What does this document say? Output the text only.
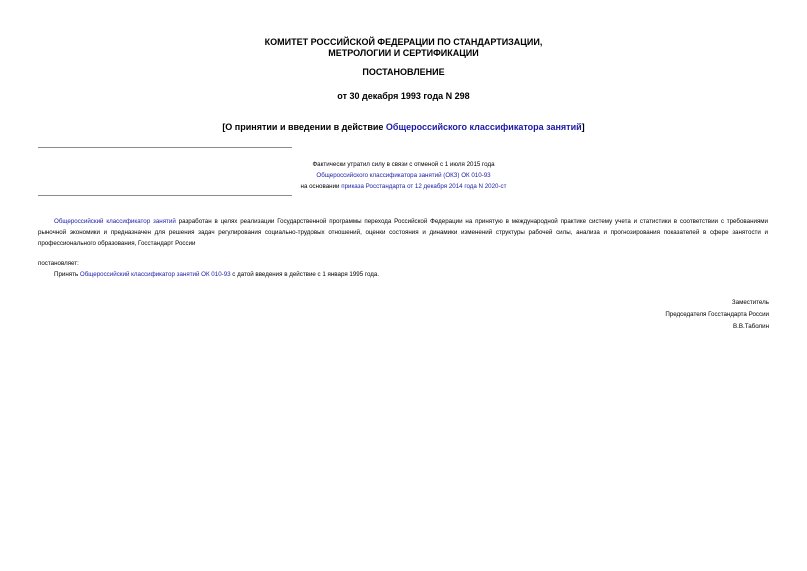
КОМИТЕТ РОССИЙСКОЙ ФЕДЕРАЦИИ ПО СТАНДАРТИЗАЦИИ,
МЕТРОЛОГИИ И СЕРТИФИКАЦИИ
ПОСТАНОВЛЕНИЕ
от 30 декабря 1993 года N 298
[О принятии и введении в действие Общероссийского классификатора занятий]
Фактически утратил силу в связи с отменой с 1 июля 2015 года
Общероссийского классификатора занятий (ОКЗ) ОК 010-93
на основании приказа Росстандарта от 12 декабря 2014 года N 2020-ст
Общероссийский классификатор занятий разработан в целях реализации Государственной программы перехода Российской Федерации на принятую в международной практике систему учета и статистики в соответствии с требованиями рыночной экономики и предназначен для решения задач регулирования социально-трудовых отношений, оценки состояния и динамики изменений структуры рабочей силы, анализа и прогнозирования показателей в сфере занятости и профессионального образования, Госстандарт России
постановляет:
Принять Общероссийский классификатор занятий ОК 010-93 с датой введения в действие с 1 января 1995 года.
Заместитель
Председателя Госстандарта России
В.В.Таболин
